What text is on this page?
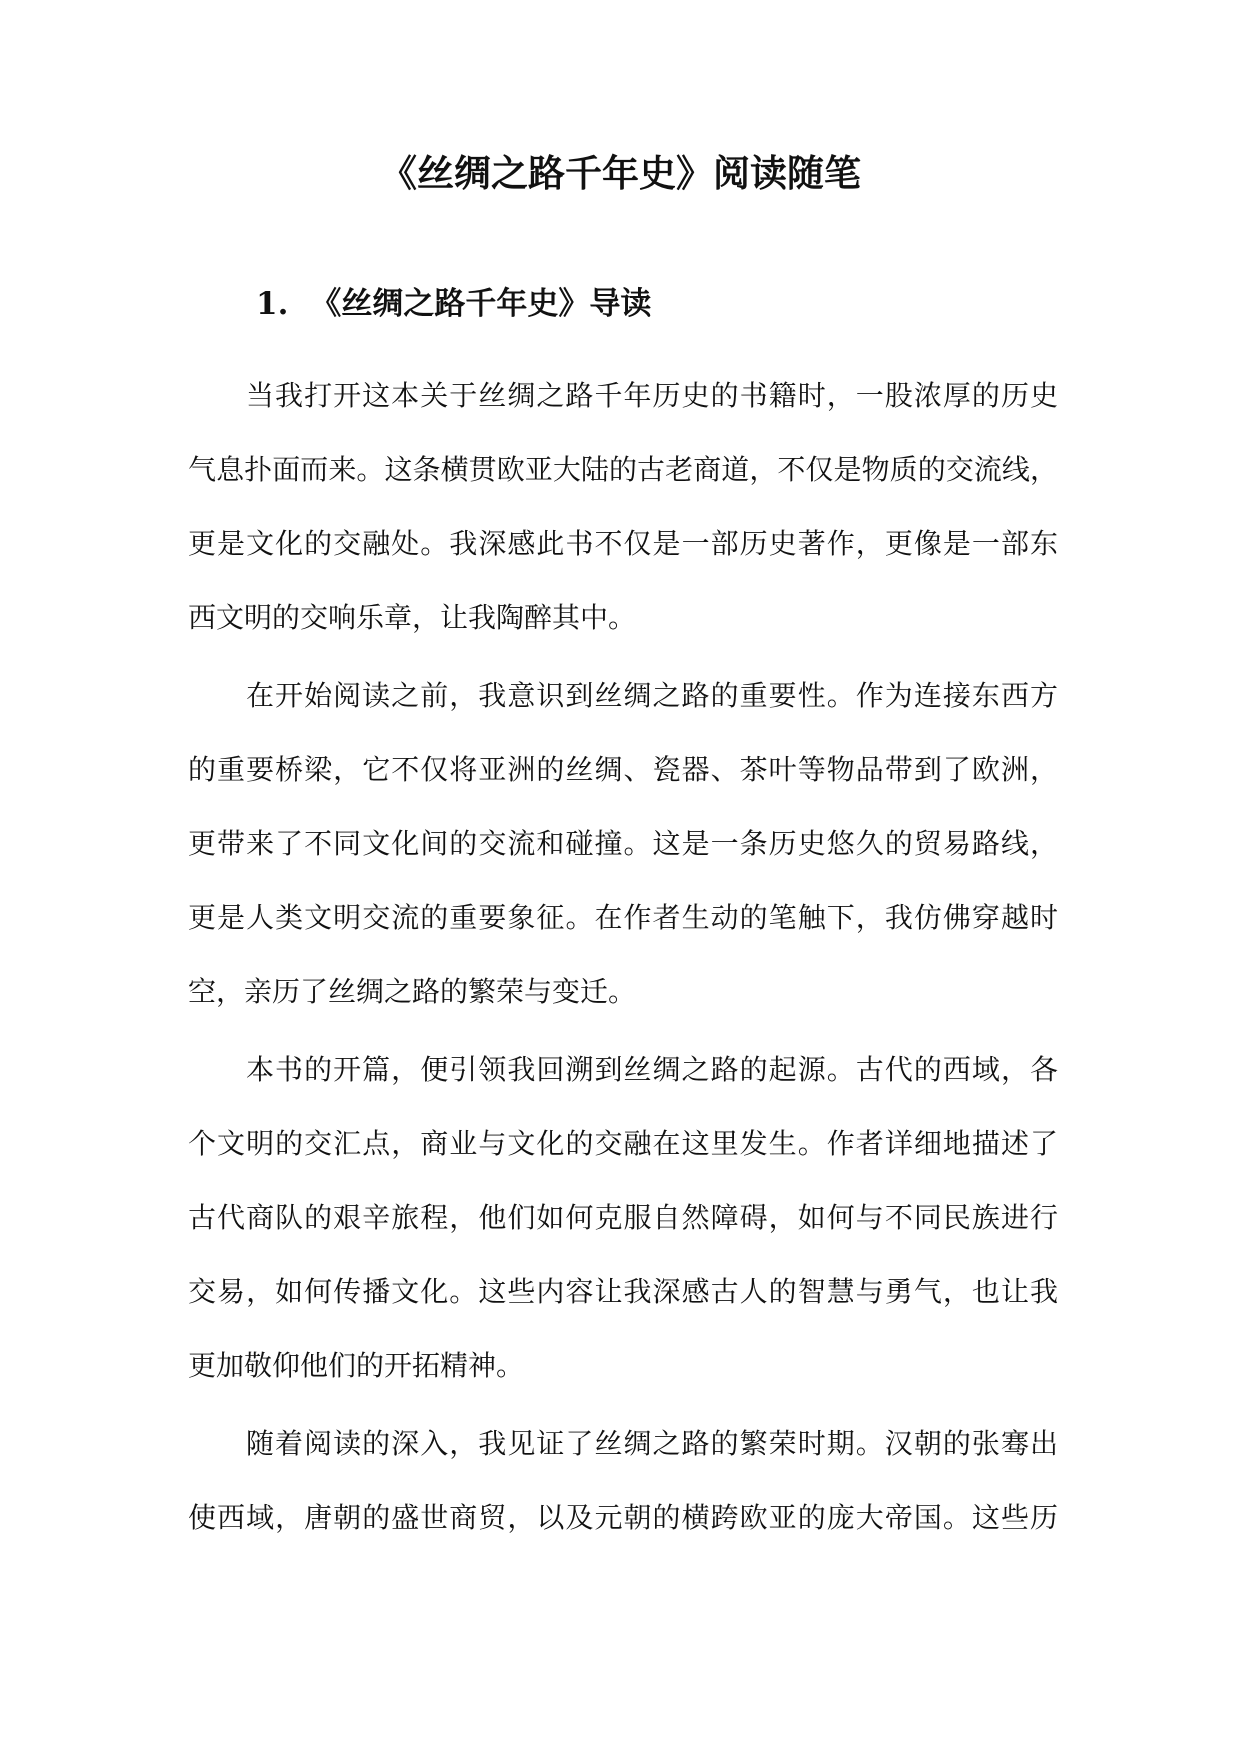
《丝绸之路千年史》阅读随笔
1. 《丝绸之路千年史》导读
当我打开这本关于丝绸之路千年历史的书籍时，一股浓厚的历史
气息扑面而来。这条横贯欧亚大陆的古老商道，不仅是物质的交流线，
更是文化的交融处。我深感此书不仅是一部历史著作，更像是一部东
西文明的交响乐章，让我陶醉其中。
在开始阅读之前，我意识到丝绸之路的重要性。作为连接东西方
的重要桥梁，它不仅将亚洲的丝绸、瓷器、茶叶等物品带到了欧洲，
更带来了不同文化间的交流和碰撞。这是一条历史悠久的贸易路线，
更是人类文明交流的重要象征。在作者生动的笔触下，我仿佛穿越时
空，亲历了丝绸之路的繁荣与变迁。
本书的开篇，便引领我回溯到丝绸之路的起源。古代的西域，各
个文明的交汇点，商业与文化的交融在这里发生。作者详细地描述了
古代商队的艰辛旅程，他们如何克服自然障碍，如何与不同民族进行
交易，如何传播文化。这些内容让我深感古人的智慧与勇气，也让我
更加敬仰他们的开拓精神。
随着阅读的深入，我见证了丝绸之路的繁荣时期。汉朝的张骞出
使西域，唐朝的盛世商贸，以及元朝的横跨欧亚的庞大帝国。这些历
